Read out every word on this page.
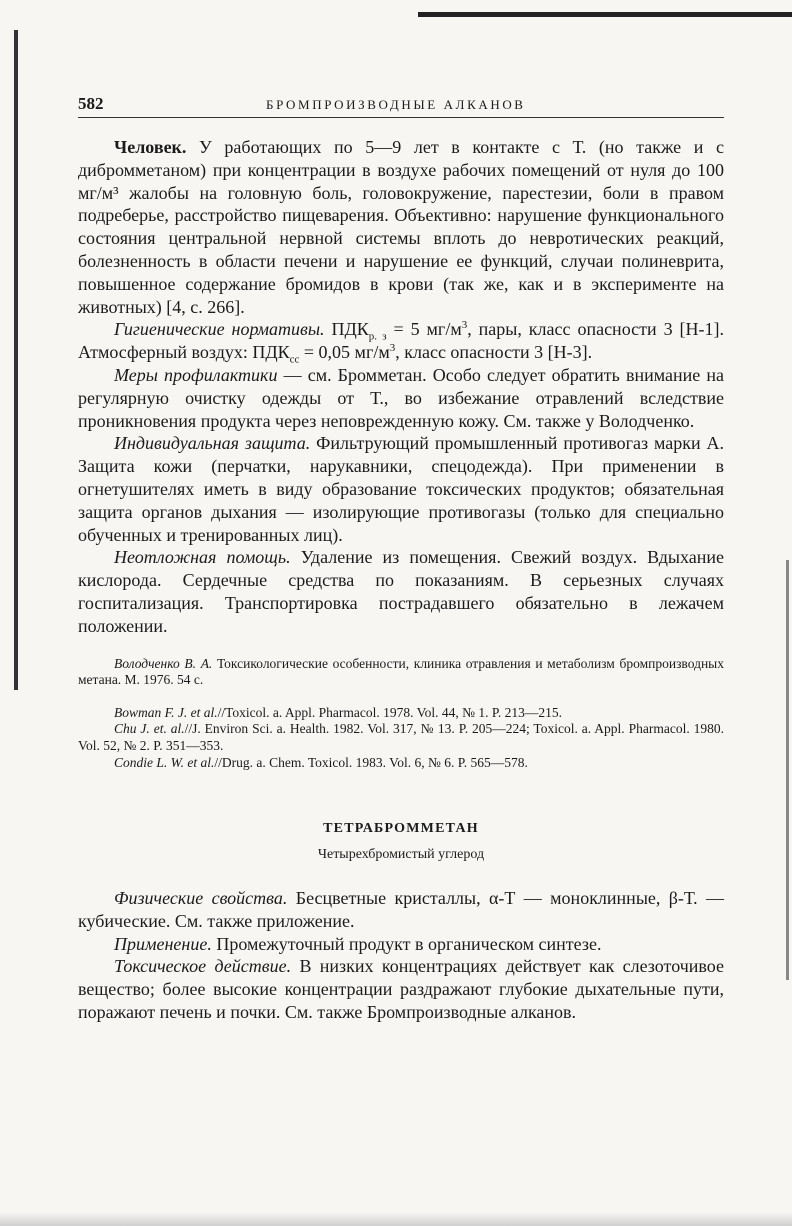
582	БРОМПРОИЗВОДНЫЕ АЛКАНОВ

Человек. У работающих по 5—9 лет в контакте с Т. (но также и с дибромметаном) при концентрации в воздухе рабочих помещений от нуля до 100 мг/м³ жалобы на головную боль, головокружение, парестезии, боли в правом подреберье, расстройство пищеварения. Объективно: нарушение функционального состояния центральной нервной системы вплоть до невротических реакций, болезненность в области печени и нарушение ее функций, случаи полиневрита, повышенное содержание бромидов в крови (так же, как и в эксперименте на животных) [4, с. 266].

Гигиенические нормативы. $ПДК_{р. з} = 5$ $мг/м^3$, пары, класс опасности 3 [Н-1]. Атмосферный воздух: $ПДК_{сс} = 0,05$ $мг/м^3$, класс опасности 3 [Н-3].

Меры профилактики — см. Бромметан. Особо следует обратить внимание на регулярную очистку одежды от Т., во избежание отравлений вследствие проникновения продукта через неповрежденную кожу. См. также у Володченко.

Индивидуальная защита. Фильтрующий промышленный противогаз марки А. Защита кожи (перчатки, нарукавники, спецодежда). При применении в огнетушителях иметь в виду образование токсических продуктов; обязательная защита органов дыхания — изолирующие противогазы (только для специально обученных и тренированных лиц).

Неотложная помощь. Удаление из помещения. Свежий воздух. Вдыхание кислорода. Сердечные средства по показаниям. В серьезных случаях госпитализация. Транспортировка пострадавшего обязательно в лежачем положении.

Володченко В. А. Токсикологические особенности, клиника отравления и метаболизм бромпроизводных метана. М. 1976. 54 с.

Bowman F. J. et al.//Toxicol. a. Appl. Pharmacol. 1978. Vol. 44, № 1. P. 213—215.

Chu J. et. al.//J. Environ Sci. a. Health. 1982. Vol. 317, № 13. P. 205—224; Toxicol. a. Appl. Pharmacol. 1980. Vol. 52, № 2. P. 351—353.

Condie L. W. et al.//Drug. a. Chem. Toxicol. 1983. Vol. 6, № 6. P. 565—578.

ТЕТРАБРОММЕТАН
Четырехбромистый углерод

Физические свойства. Бесцветные кристаллы, α-Т — моноклинные, β-Т. — кубические. См. также приложение.

Применение. Промежуточный продукт в органическом синтезе.

Токсическое действие. В низких концентрациях действует как слезоточивое вещество; более высокие концентрации раздражают глубокие дыхательные пути, поражают печень и почки. См. также Бромпроизводные алканов.
